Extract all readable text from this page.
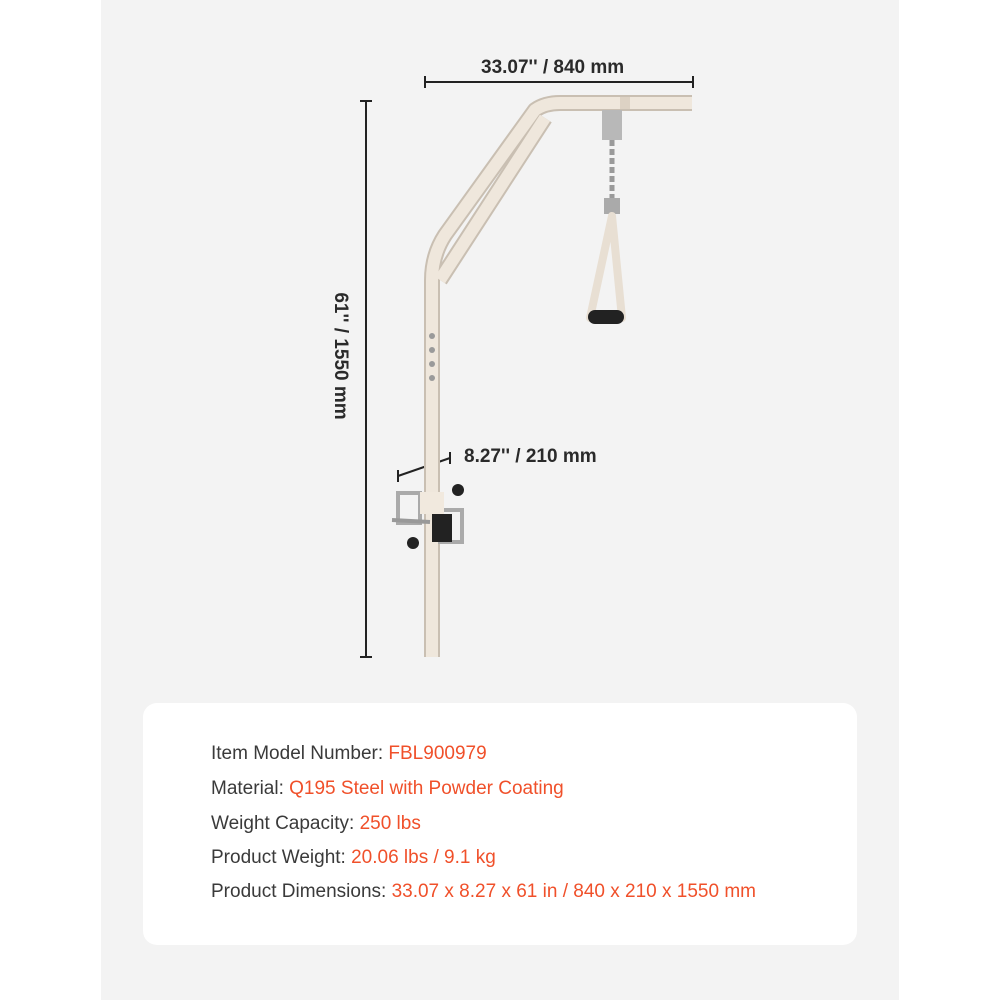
33.07'' / 840 mm
61'' / 1550 mm
8.27'' / 210 mm
Item Model Number: FBL900979
Material: Q195 Steel with Powder Coating
Weight Capacity: 250 lbs
Product Weight: 20.06 lbs / 9.1 kg
Product Dimensions: 33.07 x 8.27 x 61 in / 840 x 210 x 1550 mm
